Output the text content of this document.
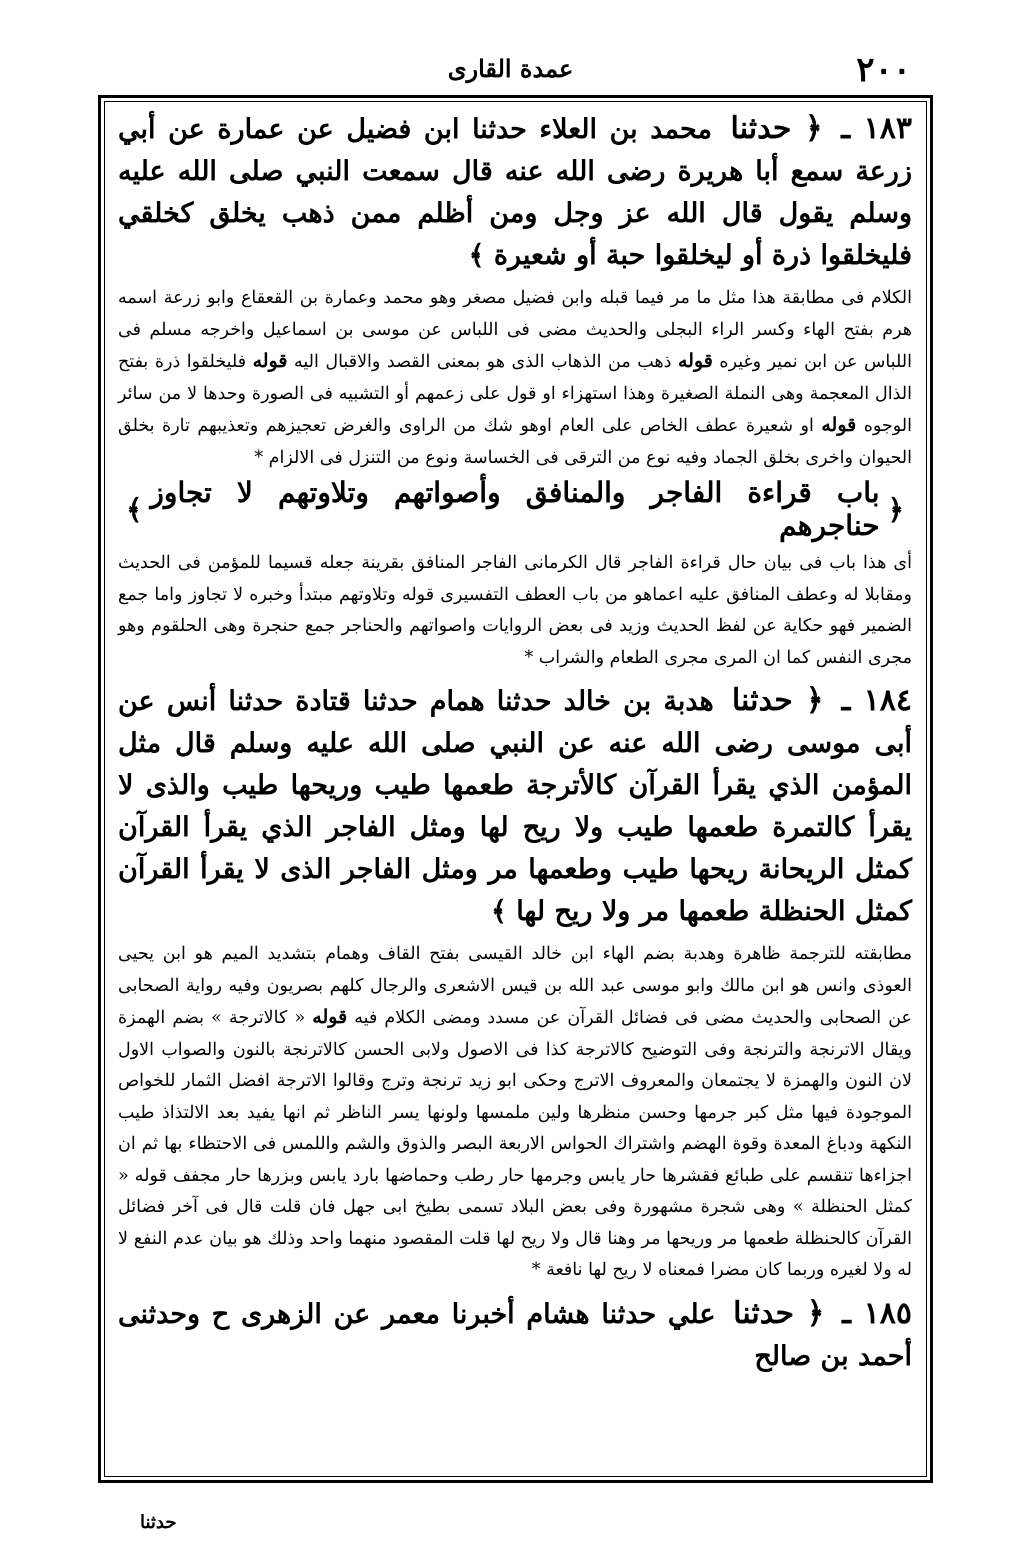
٢٠٠
عمدة القاری

١٨٣ ـ ﴿ حدثنا محمد بن العلاء حدثنا ابن فضيل عن عمارة عن أبي زرعة سمع أبا هريرة رضی الله عنه قال سمعت النبي صلی الله عليه وسلم يقول قال الله عز وجل ومن أظلم ممن ذهب يخلق كخلقي فليخلقوا ذرة أو ليخلقوا حبة أو شعيرة ﴾

الکلام فی مطابقة هذا مثل ما مر فيما قبله وابن فضيل مصغر وهو محمد وعمارة بن القعقاع وابو زرعة اسمه هرم بفتح الهاء وكسر الراء البجلی والحدیث مضی فی اللباس عن موسی بن اسماعیل واخرجه مسلم فی اللباس عن ابن نمير وغيره قوله ذهب من الذهاب الذی هو بمعنی القصد والاقبال اليه قوله فليخلقوا ذرة بفتح الذال المعجمة وهی النملة الصغيرة وهذا استهزاء او قول علی زعمهم أو التشبيه فی الصورة وحدها لا من سائر الوجوه قوله او شعيرة عطف الخاص علی العام اوهو شك من الراوی والغرض تعجيزهم وتعذيبهم تارة بخلق الحيوان واخری بخلق الجماد وفيه نوع من الترقی فی الخساسة ونوع من التنزل فی الالزام *

﴿
باب قراءة الفاجر والمنافق وأصواتهم وتلاوتهم لا تجاوز حناجرهم
﴾

أی هذا باب فی بيان حال قراءة الفاجر قال الكرمانی الفاجر المنافق بقرينة جعله قسيما للمؤمن فی الحديث ومقابلا له وعطف المنافق عليه اعماهو من باب العطف التفسيری قوله وتلاوتهم مبتدأ وخبره لا تجاوز واما جمع الضمير فهو حكاية عن لفظ الحديث وزيد فی بعض الروايات واصواتهم والحناجر جمع حنجرة وهی الحلقوم وهو مجری النفس كما ان المری مجری الطعام والشراب *

١٨٤ ـ ﴿ حدثنا هدبة بن خالد حدثنا همام حدثنا قتادة حدثنا أنس عن أبی موسی رضی الله عنه عن النبي صلی الله عليه وسلم قال مثل المؤمن الذي يقرأ القرآن كالأترجة طعمها طيب وريحها طيب والذی لا يقرأ كالتمرة طعمها طيب ولا ريح لها ومثل الفاجر الذي يقرأ القرآن كمثل الريحانة ريحها طيب وطعمها مر ومثل الفاجر الذی لا يقرأ القرآن كمثل الحنظلة طعمها مر ولا ريح لها ﴾

مطابقته للترجمة ظاهرة وهدبة بضم الهاء ابن خالد القيسی بفتح القاف وهمام بتشديد الميم هو ابن يحيی العوذی وانس هو ابن مالك وابو موسی عبد الله بن قيس الاشعری والرجال كلهم بصريون وفيه رواية الصحابی عن الصحابی والحديث مضی فی فضائل القرآن عن مسدد ومضی الكلام فيه قوله « كالاترجة » بضم الهمزة ويقال الاترنجة والترنجة وفی التوضيح كالاترجة كذا فی الاصول ولابی الحسن كالاترنجة بالنون والصواب الاول لان النون والهمزة لا يجتمعان والمعروف الاترج وحكی ابو زيد ترنجة وترج وقالوا الاترجة افضل الثمار للخواص الموجودة فيها مثل كبر جرمها وحسن منظرها ولين ملمسها ولونها يسر الناظر ثم انها يفيد بعد الالتذاذ طيب النكهة ودباغ المعدة وقوة الهضم واشتراك الحواس الاربعة البصر والذوق والشم واللمس فی الاحتظاء بها ثم ان اجزاءها تنقسم علی طبائع فقشرها حار يابس وجرمها حار رطب وحماضها بارد يابس وبزرها حار مجفف قوله « كمثل الحنظلة » وهی شجرة مشهورة وفی بعض البلاد تسمی بطيخ ابی جهل فان قلت قال فی آخر فضائل القرآن كالحنظلة طعمها مر وريحها مر وهنا قال ولا ريح لها قلت المقصود منهما واحد وذلك هو بيان عدم النفع لا له ولا لغيره وربما كان مضرا فمعناه لا ريح لها نافعة *

١٨٥ ـ ﴿ حدثنا علي حدثنا هشام أخبرنا معمر عن الزهری ح وحدثنی أحمد بن صالح

حدثنا
